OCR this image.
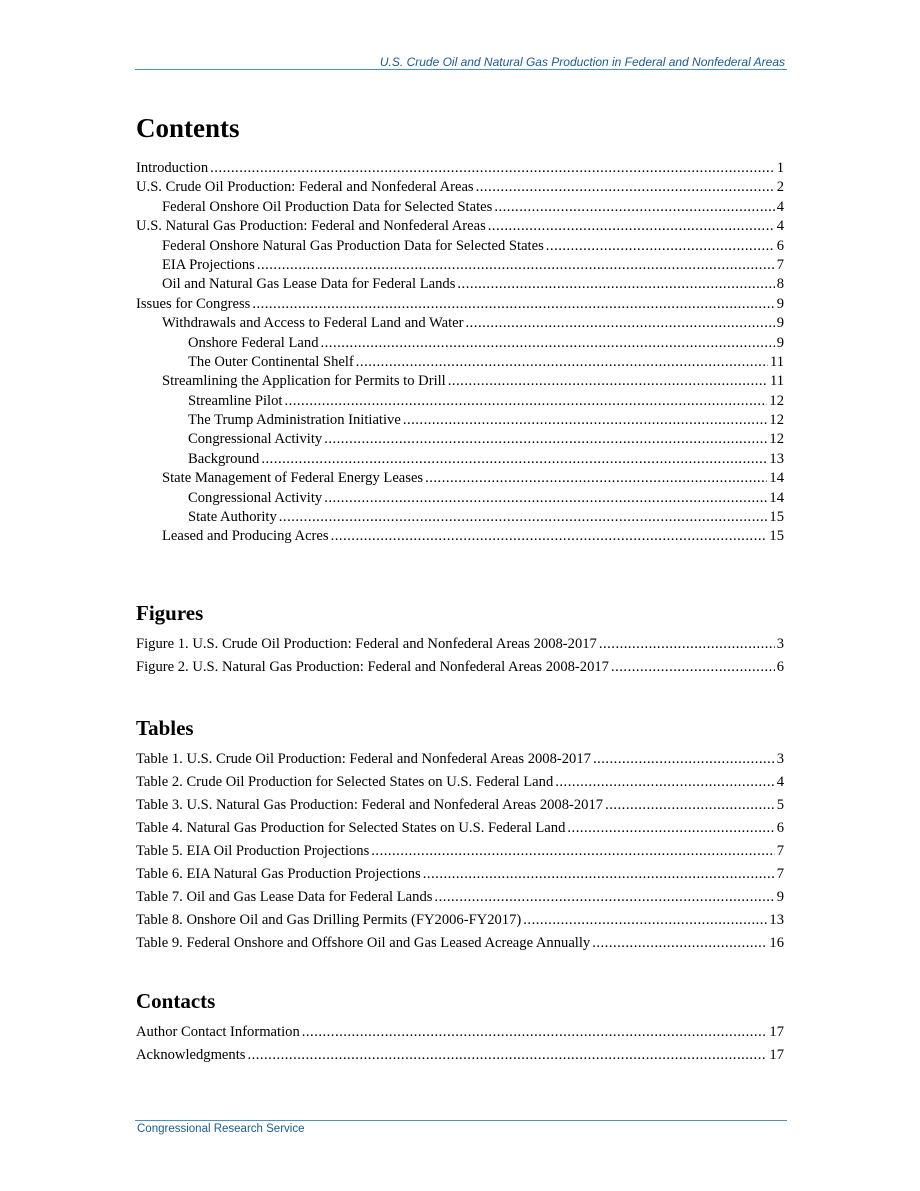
U.S. Crude Oil and Natural Gas Production in Federal and Nonfederal Areas
Contents
Introduction .....	1
U.S. Crude Oil Production: Federal and Nonfederal Areas .....	2
Federal Onshore Oil Production Data for Selected States .....	4
U.S. Natural Gas Production: Federal and Nonfederal Areas .....	4
Federal Onshore Natural Gas Production Data for Selected States .....	6
EIA Projections .....	7
Oil and Natural Gas Lease Data for Federal Lands .....	8
Issues for Congress .....	9
Withdrawals and Access to Federal Land and Water .....	9
Onshore Federal Land .....	9
The Outer Continental Shelf .....	11
Streamlining the Application for Permits to Drill .....	11
Streamline Pilot .....	12
The Trump Administration Initiative .....	12
Congressional Activity .....	12
Background .....	13
State Management of Federal Energy Leases .....	14
Congressional Activity .....	14
State Authority .....	15
Leased and Producing Acres .....	15
Figures
Figure 1. U.S. Crude Oil Production: Federal and Nonfederal Areas 2008-2017 .....	3
Figure 2. U.S. Natural Gas Production: Federal and Nonfederal Areas 2008-2017 .....	6
Tables
Table 1. U.S. Crude Oil Production: Federal and Nonfederal Areas 2008-2017 .....	3
Table 2. Crude Oil Production for Selected States on U.S. Federal Land .....	4
Table 3. U.S. Natural Gas Production: Federal and Nonfederal Areas 2008-2017 .....	5
Table 4. Natural Gas Production for Selected States on U.S. Federal Land .....	6
Table 5. EIA Oil Production Projections .....	7
Table 6. EIA Natural Gas Production Projections .....	7
Table 7. Oil and Gas Lease Data for Federal Lands .....	9
Table 8. Onshore Oil and Gas Drilling Permits (FY2006-FY2017) .....	13
Table 9. Federal Onshore and Offshore Oil and Gas Leased Acreage Annually .....	16
Contacts
Author Contact Information .....	17
Acknowledgments .....	17
Congressional Research Service
